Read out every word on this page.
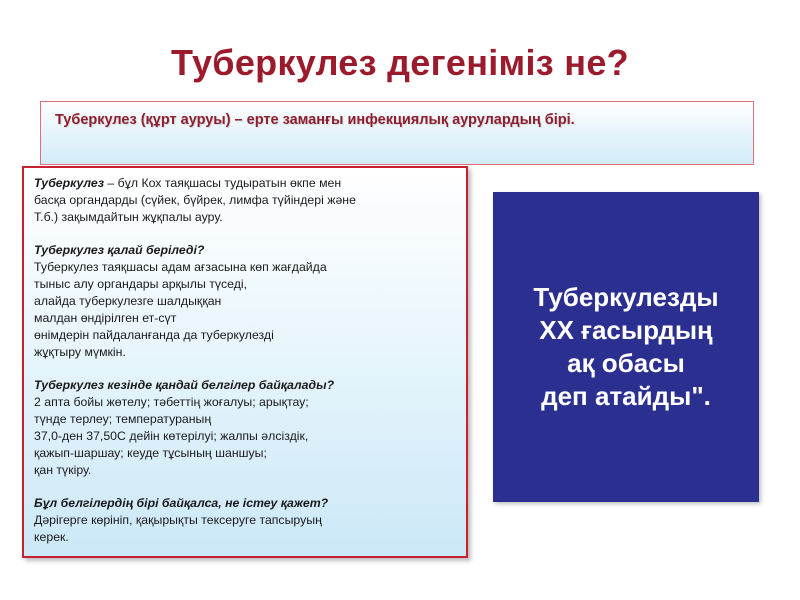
Туберкулез дегеніміз не?
Туберкулез (құрт ауруы) – ерте заманғы инфекциялық аурулардың бірі.
Туберкулез – бұл Кох таяқшасы тудыратын өкпе мен
басқа органдарды (сүйек, бүйрек, лимфа түйіндері және
Т.б.) зақымдайтын жұқпалы ауру.
Туберкулез қалай беріледі?
Туберкулез таяқшасы адам ағзасына көп жағдайда
тыныс алу органдары арқылы түседі,
алайда туберкулезге шалдыққан
малдан өндірілген ет-сүт
өнімдерін пайдаланғанда да туберкулезді
жұқтыру мүмкін.
Туберкулез кезінде қандай белгілер байқалады?
2 апта бойы жөтелу; тәбеттің жоғалуы; арықтау;
түнде терлеу; температураның
37,0-ден 37,50С дейін көтерілуі; жалпы әлсіздік,
қажып-шаршау; кеуде тұсының шаншуы;
қан түкіру.
Бұл белгілердің бірі байқалса, не істеу қажет?
Дәрігерге көрініп, қақырықты тексеруге тапсыруың
керек.
Туберкулезды
ХХ ғасырдың
ақ обасы
деп атайды".
